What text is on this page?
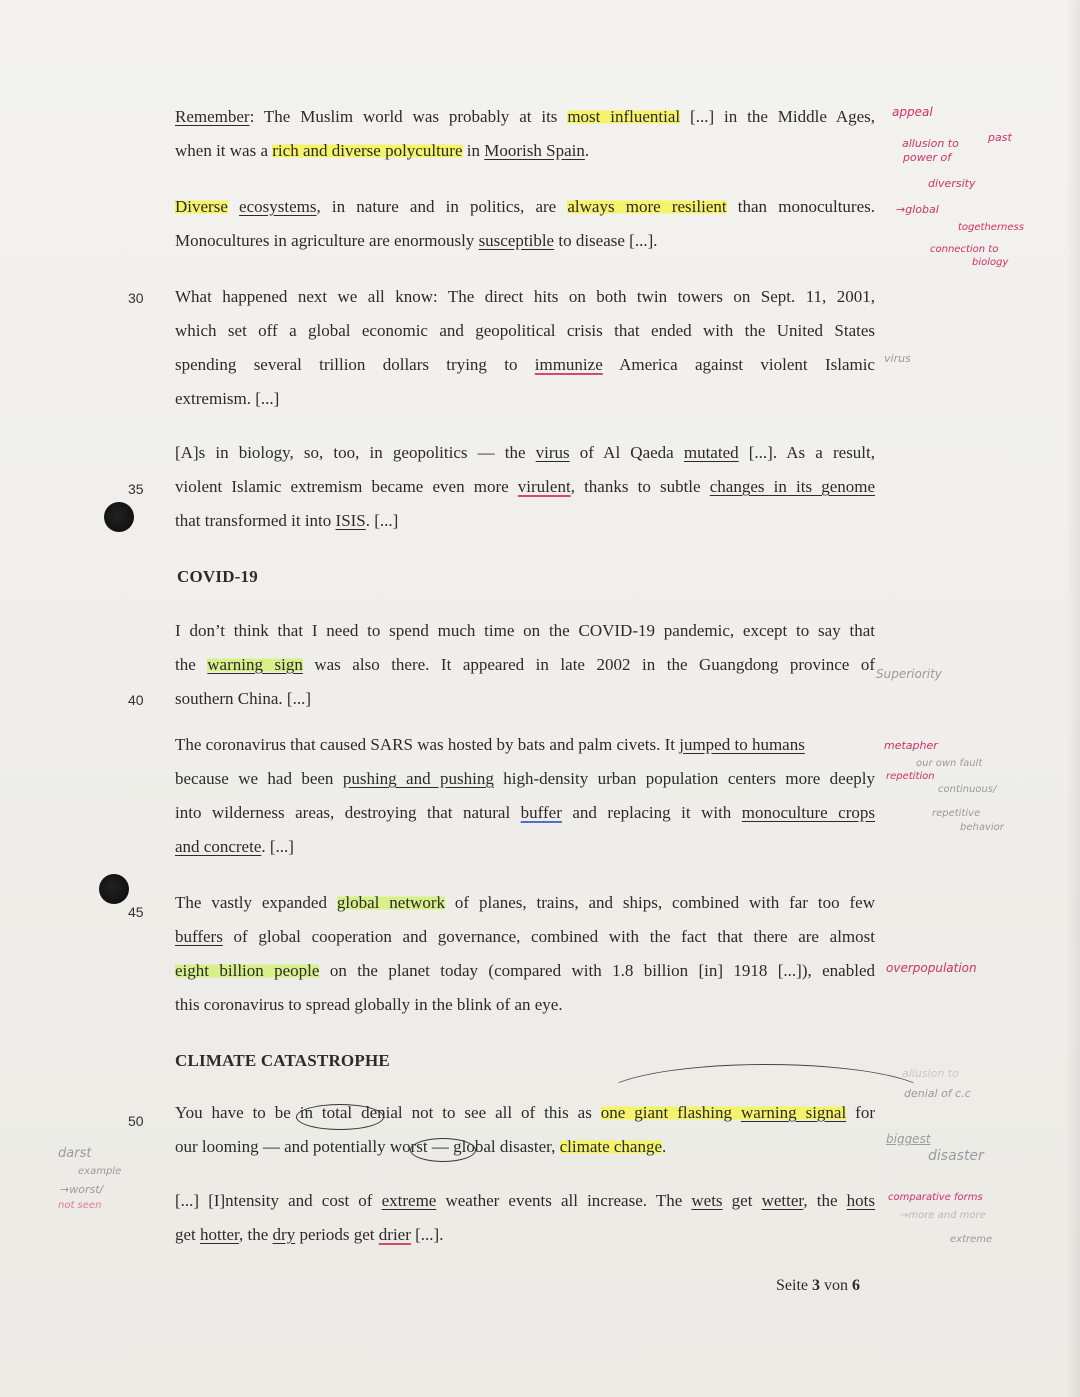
30
35
40
45
50
Remember: The Muslim world was probably at its most influential [...] in the Middle Ages,
when it was a rich and diverse polyculture in Moorish Spain.
Diverse ecosystems, in nature and in politics, are always more resilient than monocultures.
Monocultures in agriculture are enormously susceptible to disease [...].
What happened next we all know: The direct hits on both twin towers on Sept. 11, 2001,
which set off a global economic and geopolitical crisis that ended with the United States
spending several trillion dollars trying to immunize America against violent Islamic
extremism. [...]
[A]s in biology, so, too, in geopolitics — the virus of Al Qaeda mutated [...]. As a result,
violent Islamic extremism became even more virulent, thanks to subtle changes in its genome
that transformed it into ISIS. [...]
COVID-19
I don’t think that I need to spend much time on the COVID-19 pandemic, except to say that
the warning sign was also there. It appeared in late 2002 in the Guangdong province of
southern China. [...]
The coronavirus that caused SARS was hosted by bats and palm civets. It jumped to humans
because we had been pushing and pushing high-density urban population centers more deeply
into wilderness areas, destroying that natural buffer and replacing it with monoculture crops
and concrete. [...]
The vastly expanded global network of planes, trains, and ships, combined with far too few
buffers of global cooperation and governance, combined with the fact that there are almost
eight billion people on the planet today (compared with 1.8 billion [in] 1918 [...]), enabled
this coronavirus to spread globally in the blink of an eye.
CLIMATE CATASTROPHE
You have to be in total denial not to see all of this as one giant flashing warning signal for
our looming — and potentially worst — global disaster, climate change.
[...] [I]ntensity and cost of extreme weather events all increase. The wets get wetter, the hots
get hotter, the dry periods get drier [...].
appeal
allusion to	past
power of
diversity
→global
togetherness
connection to
biology
virus
Superiority
metapher
our own fault
repetition
continuous/
repetitive
behavior
overpopulation
allusion to
denial of c.c
biggest
disaster
comparative forms
→more and more
extreme
darst
example
→worst/
not seen
Seite 3 von 6
